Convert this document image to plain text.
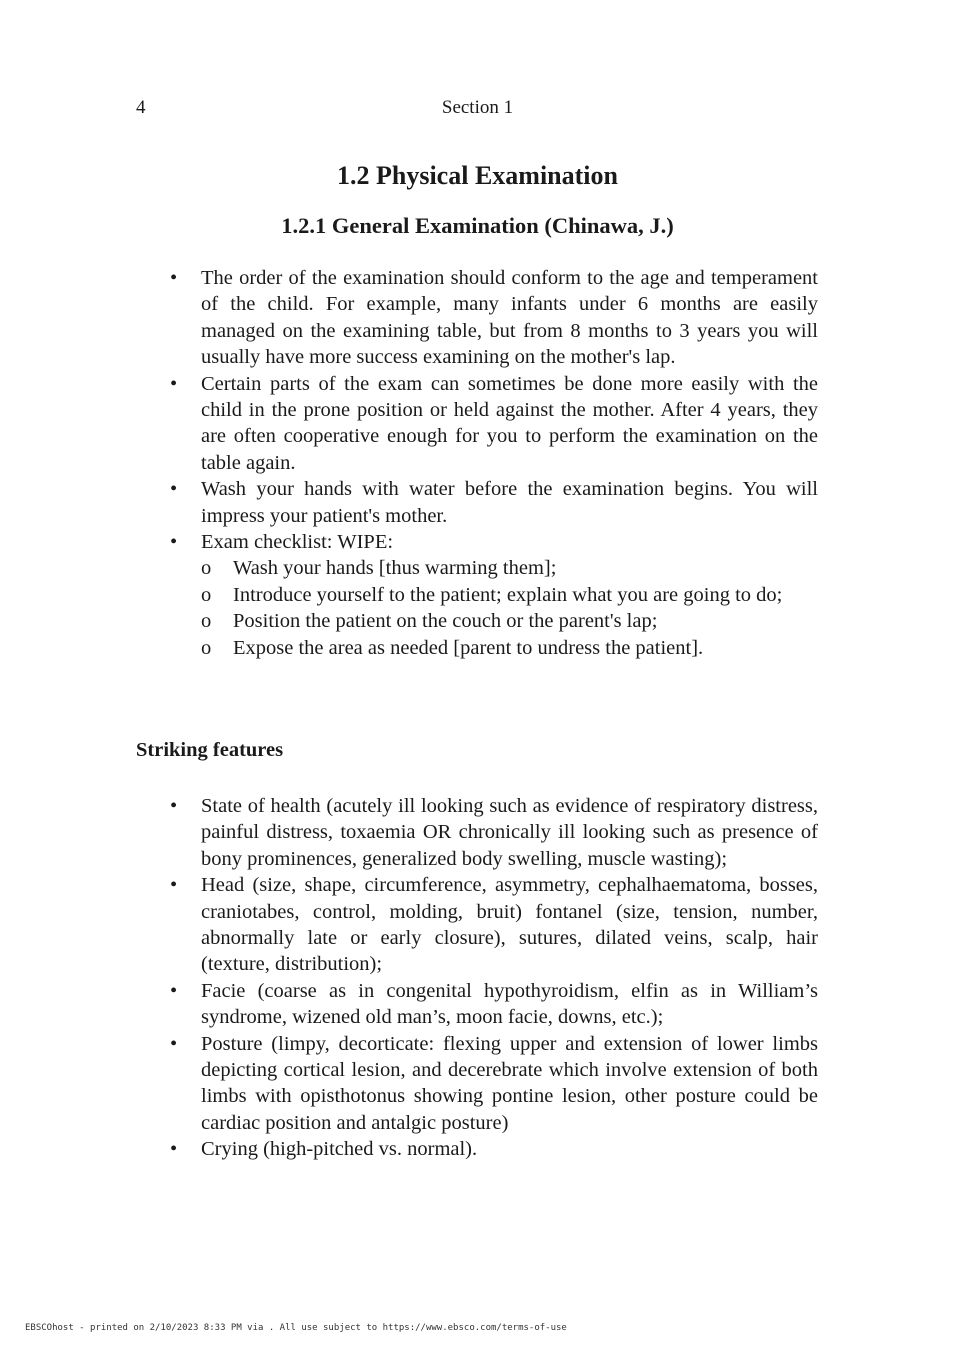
4	Section 1
1.2 Physical Examination
1.2.1 General Examination (Chinawa, J.)
• The order of the examination should conform to the age and temperament of the child. For example, many infants under 6 months are easily managed on the examining table, but from 8 months to 3 years you will usually have more success examining on the mother's lap.
• Certain parts of the exam can sometimes be done more easily with the child in the prone position or held against the mother. After 4 years, they are often cooperative enough for you to perform the examination on the table again.
• Wash your hands with water before the examination begins. You will impress your patient's mother.
• Exam checklist: WIPE:
o Wash your hands [thus warming them];
o Introduce yourself to the patient; explain what you are going to do;
o Position the patient on the couch or the parent's lap;
o Expose the area as needed [parent to undress the patient].
Striking features
• State of health (acutely ill looking such as evidence of respiratory distress, painful distress, toxaemia OR chronically ill looking such as presence of bony prominences, generalized body swelling, muscle wasting);
• Head (size, shape, circumference, asymmetry, cephalhaematoma, bosses, craniotabes, control, molding, bruit) fontanel (size, tension, number, abnormally late or early closure), sutures, dilated veins, scalp, hair (texture, distribution);
• Facie (coarse as in congenital hypothyroidism, elfin as in William’s syndrome, wizened old man’s, moon facie, downs, etc.);
• Posture (limpy, decorticate: flexing upper and extension of lower limbs depicting cortical lesion, and decerebrate which involve extension of both limbs with opisthotonus showing pontine lesion, other posture could be cardiac position and antalgic posture)
• Crying (high-pitched vs. normal).
EBSCOhost - printed on 2/10/2023 8:33 PM via . All use subject to https://www.ebsco.com/terms-of-use
